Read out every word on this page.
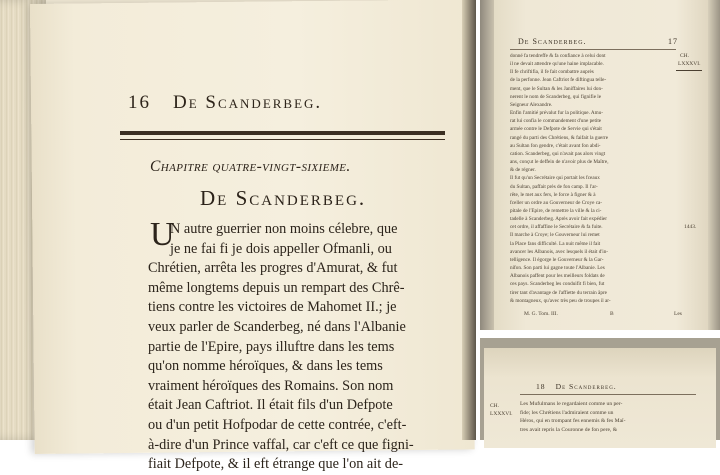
16 De Scanderbeg.
Chapitre quatre-vingt-sixieme.
De Scanderbeg.
U
N autre guerrier non moins célebre, que
je ne fai fi je dois appeller Ofmanli, ou
Chrétien, arrêta les progres d'Amurat, & fut
même longtems depuis un rempart des Chrê-
tiens contre les victoires de Mahomet II.; je
veux parler de Scanderbeg, né dans l'Albanie
partie de l'Epire, pays illuftre dans les tems
qu'on nomme héroïques, & dans les tems
vraiment héroïques des Romains. Son nom
était Jean Caftriot. Il était fils d'un Defpote
ou d'un petit Hofpodar de cette contrée, c'eft-
à-dire d'un Prince vaffal, car c'eft ce que figni-
fiait Defpote, & il eft étrange que l'on ait de-
De Scanderbeg.	17
CH.
LXXXVI.
1443.
donné fa tendreffe & fa confiance à celui dont
il ne devait attendre qu'une haine implacable.
Il fe chriftifia, il fe fait combattre auprès
de la perfonne. Jean Caftriot fe diftingua telle-
ment, que le Sultan & les Janiffaires lui don-
nerent le nom de Scanderbeg, qui fignifie le
Seigneur Alexandre.
Enfin l'amitié prévalut fur la politique. Amu-
rat lui confia le commandement d'une petite
armée contre le Defpote de Servie qui s'était
rangé du parti des Chrétiens, & faifait la guerre
au Sultan fon gendre, c'était avant fon abdi-
cation. Scanderbeg, qui n'avait pas alors vingt
ans, conçut le deffein de n'avoir plus de Maître,
& de régner.
Il fut qu'un Secrétaire qui portait les fceaux
du Sultan, paffait près de fon camp. Il l'ar-
rête, le met aux fers, le force à figner & à
fceller un ordre au Gouverneur de Croye ca-
pitale de l'Epire, de remettre la ville & la ci-
tadelle à Scanderbeg. Après avoir fait expédier
cet ordre, il affaffine le Secrétaire & fa fuite.
Il marche à Croye; le Gouverneur lui remet
la Place fans difficulté. La nuit même il fait
avancer les Albanois, avec lesquels il était d'in-
telligence. Il égorge le Gouverneur & la Gar-
nifon. Son parti lui gagne toute l'Albanie. Les
Albanois paffent pour les meilleurs foldats de
ces pays. Scanderbeg les conduifit fi bien, fut
tirer tant d'avantage de l'affiette du terrain âpre
& montagneux, qu'avec très peu de troupes il ar-
M. G. Tom. III.	B	Les
18 De Scanderbeg.
CH.
LXXXVI.
Les Mufulmans le regardaient comme un per-
fide; les Chrétiens l'admiraient comme un
Héros, qui en trompant fes ennemis & fes Maî-
tres avait repris la Couronne de fon pere, &
